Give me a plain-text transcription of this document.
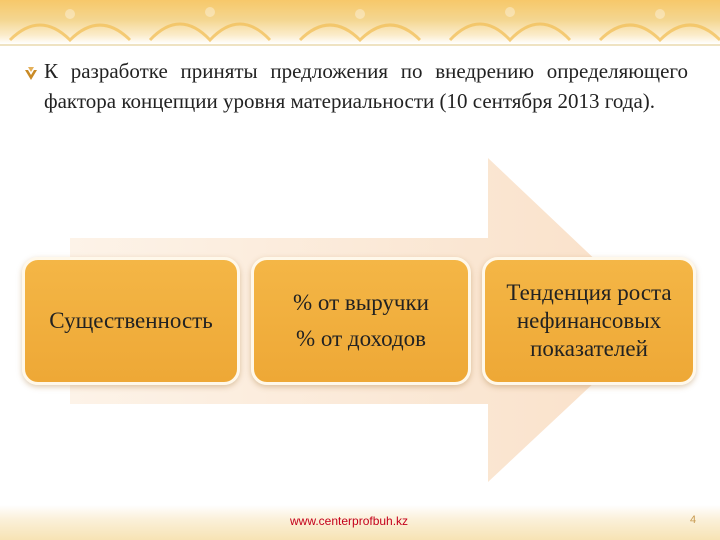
К разработке приняты предложения по внедрению определяющего фактора концепции уровня материальности (10 сентября 2013 года).
Существенность
% от выручки
% от доходов
Тенденция роста
нефинансовых
показателей
www.centerprofbuh.kz	4
